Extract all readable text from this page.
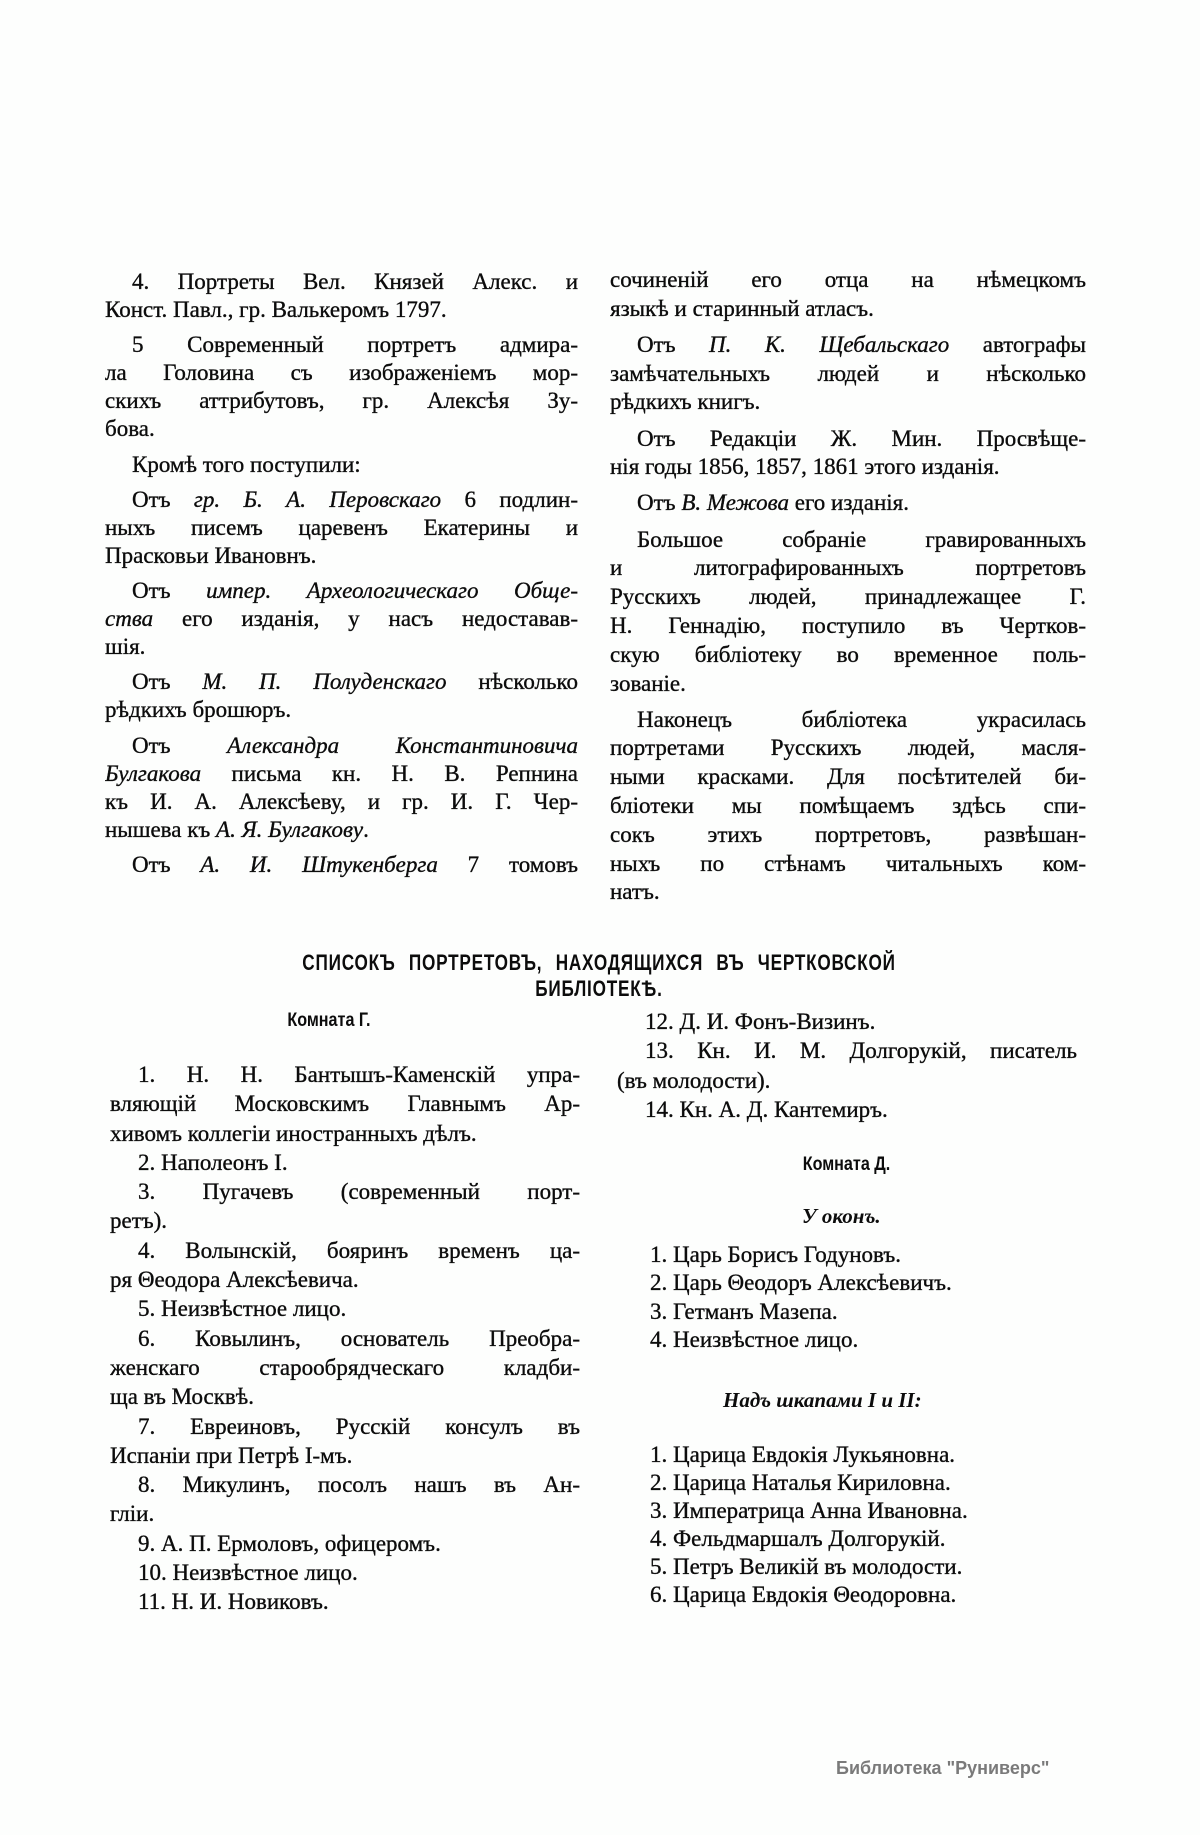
4. Портреты Вел. Князей Алекс. и
Конст. Павл., гр. Валькеромъ 1797.
5 Современный портретъ адмира-
ла Головина съ изображеніемъ мор-
скихъ аттрибутовъ, гр. Алексѣя Зу-
бова.
Кромѣ того поступили:
Отъ гр. Б. А. Перовскаго 6 подлин-
ныхъ писемъ царевенъ Екатерины и
Прасковьи Ивановнъ.
Отъ импер. Археологическаго Обще-
ства его изданія, у насъ недоставав-
шія.
Отъ М. П. Полуденскаго нѣсколько
рѣдкихъ брошюръ.
Отъ Александра Константиновича
Булгакова письма кн. Н. В. Репнина
къ И. А. Алексѣеву, и гр. И. Г. Чер-
нышева къ А. Я. Булгакову.
Отъ А. И. Штукенберга 7 томовъ
сочиненій его отца на нѣмецкомъ
языкѣ и старинный атласъ.
Отъ П. К. Щебальскаго автографы
замѣчательныхъ людей и нѣсколько
рѣдкихъ книгъ.
Отъ Редакціи Ж. Мин. Просвѣще-
нія годы 1856, 1857, 1861 этого изданія.
Отъ В. Межова его изданія.
Большое собраніе гравированныхъ
и литографированныхъ портретовъ
Русскихъ людей, принадлежащее Г.
Н. Геннадію, поступило въ Чертков-
скую библіотеку во временное поль-
зованіе.
Наконецъ библіотека украсилась
портретами Русскихъ людей, масля-
ными красками. Для посѣтителей би-
бліотеки мы помѣщаемъ здѣсь спи-
сокъ этихъ портретовъ, развѣшан-
ныхъ по стѣнамъ читальныхъ ком-
натъ.
СПИСОКЪ ПОРТРЕТОВЪ, НАХОДЯЩИХСЯ ВЪ ЧЕРТКОВСКОЙ БИБЛІОТЕКѢ.
Комната Г.
1. Н. Н. Бантышъ-Каменскій упра-
вляющій Московскимъ Главнымъ Ар-
хивомъ коллегіи иностранныхъ дѣлъ.
2. Наполеонъ I.
3. Пугачевъ (современный порт-
ретъ).
4. Волынскій, бояринъ временъ ца-
ря Θеодора Алексѣевича.
5. Неизвѣстное лицо.
6. Ковылинъ, основатель Преобра-
женскаго старообрядческаго кладби-
ща въ Москвѣ.
7. Евреиновъ, Русскій консулъ въ
Испаніи при Петрѣ I-мъ.
8. Микулинъ, посолъ нашъ въ Ан-
гліи.
9. А. П. Ермоловъ, офицеромъ.
10. Неизвѣстное лицо.
11. Н. И. Новиковъ.
12. Д. И. Фонъ-Визинъ.
13. Кн. И. М. Долгорукій, писатель
(въ молодости).
14. Кн. А. Д. Кантемиръ.
Комната Д.
У оконъ.
1. Царь Борисъ Годуновъ.
2. Царь Θеодоръ Алексѣевичъ.
3. Гетманъ Мазепа.
4. Неизвѣстное лицо.
Надъ шкапами I и II:
1. Царица Евдокія Лукьяновна.
2. Царица Наталья Кириловна.
3. Императрица Анна Ивановна.
4. Фельдмаршалъ Долгорукій.
5. Петръ Великій въ молодости.
6. Царица Евдокія Θеодоровна.
Библиотека "Руниверс"
